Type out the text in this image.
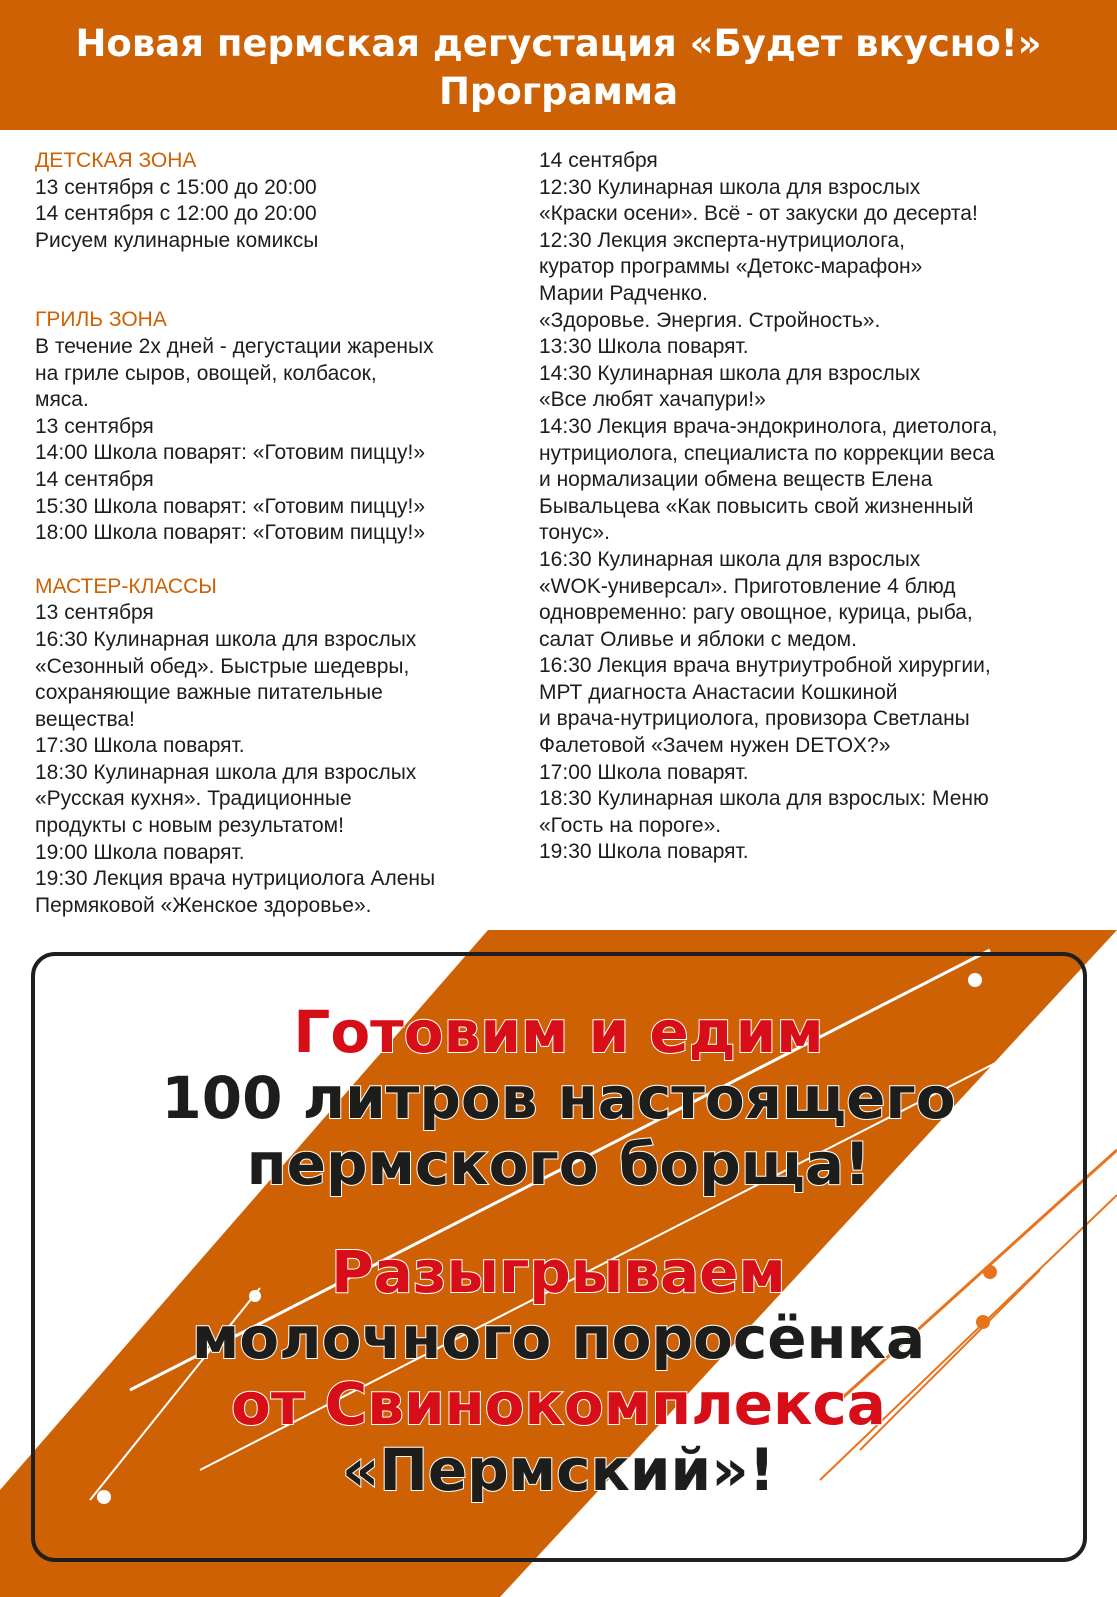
Новая пермская дегустация «Будет вкусно!»
Программа
ДЕТСКАЯ ЗОНА
13 сентября с 15:00 до 20:00
14 сентября с 12:00 до 20:00
Рисуем кулинарные комиксы
ГРИЛЬ ЗОНА
В течение 2х дней - дегустации жареных
на гриле сыров, овощей, колбасок,
мяса.
13 сентября
14:00 Школа поварят: «Готовим пиццу!»
14 сентября
15:30 Школа поварят: «Готовим пиццу!»
18:00 Школа поварят: «Готовим пиццу!»
МАСТЕР-КЛАССЫ
13 сентября
16:30 Кулинарная школа для взрослых
«Сезонный обед». Быстрые шедевры,
сохраняющие важные питательные
вещества!
17:30 Школа поварят.
18:30 Кулинарная школа для взрослых
«Русская кухня». Традиционные
продукты с новым результатом!
19:00 Школа поварят.
19:30 Лекция врача нутрициолога Алены
Пермяковой «Женское здоровье».
14 сентября
12:30 Кулинарная школа для взрослых
«Краски осени». Всё - от закуски до десерта!
12:30 Лекция эксперта-нутрициолога,
куратор программы «Детокс-марафон»
Марии Радченко.
«Здоровье. Энергия. Стройность».
13:30 Школа поварят.
14:30 Кулинарная школа для взрослых
«Все любят хачапури!»
14:30 Лекция врача-эндокринолога, диетолога,
нутрициолога, специалиста по коррекции веса
и нормализации обмена веществ Елена
Бывальцева «Как повысить свой жизненный
тонус».
16:30 Кулинарная школа для взрослых
«WOK-универсал». Приготовление 4 блюд
одновременно: рагу овощное, курица, рыба,
салат Оливье и яблоки с медом.
16:30 Лекция врача внутриутробной хирургии,
МРТ диагноста Анастасии Кошкиной
и врача-нутрициолога, провизора Светланы
Фалетовой «Зачем нужен DETOX?»
17:00 Школа поварят.
18:30 Кулинарная школа для взрослых: Меню
«Гость на пороге».
19:30 Школа поварят.
Готовим и едим
100 литров настоящего
пермского борща!
Разыгрываем
молочного поросёнка
от Свинокомплекса
«Пермский»!
